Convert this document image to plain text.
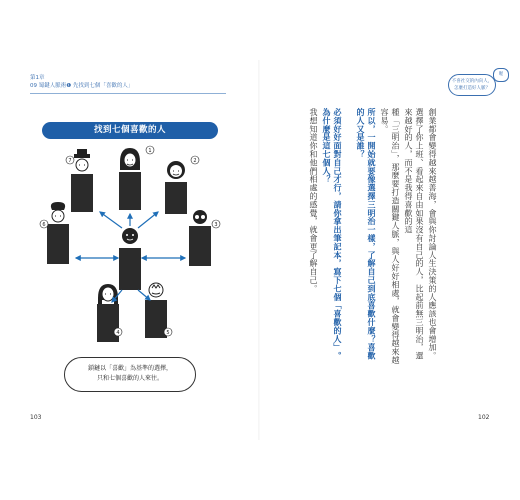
第1章
09 蜀鍵人脈術❶ 先找到七個「喜歡的人」
找到七個喜歡的人
1
2
7
6	3
4	5
鎖鏈以「喜歡」為基準的選擇，
只和七個喜歡的人來往。
103
不喜社交的內向人，
怎麼打造好人脈？
喔
創業都會變得越來越善海，會與你討論人生決策的人應該也會增加。
選擇了你上班、看起來自由如果沒有自己的人，比起前無三明治，還來越好的人，而不是我得喜歡的這
種「三明治」，那麼要打造關鍵人脈，與人好好相處，就會變得越來越容易。
所以，一開始就要像選擇三明治一樣，了解自己到底喜歡什麼？喜歡的人又是誰？
必須好好面對自己才行，請你拿出筆記本，寫下七個「喜歡的人」。為什麼是這七個人？
我想知道你和他們相處的感覺，就會更了解自己。
102
